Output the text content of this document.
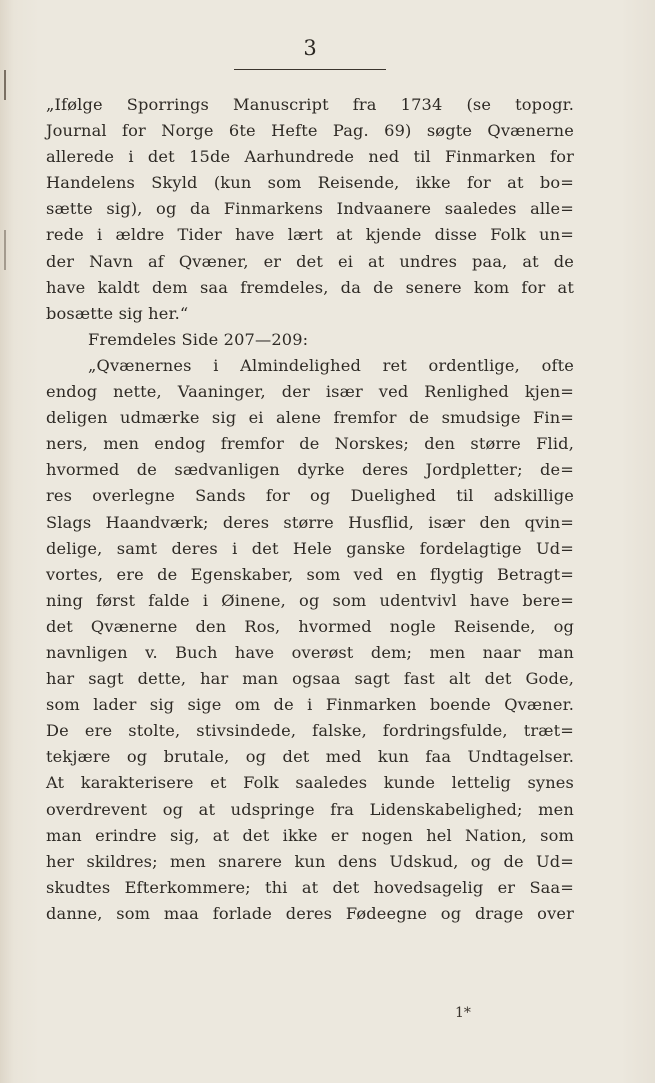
3
„Ifølge Sporrings Manuscript fra 1734 (se topogr.
Journal for Norge 6te Hefte Pag. 69) søgte Qvænerne
allerede i det 15de Aarhundrede ned til Finmarken for
Handelens Skyld (kun som Reisende, ikke for at bo=
sætte sig), og da Finmarkens Indvaanere saaledes alle=
rede i ældre Tider have lært at kjende disse Folk un=
der Navn af Qvæner, er det ei at undres paa, at de
have kaldt dem saa fremdeles, da de senere kom for at
bosætte sig her.“
Fremdeles Side 207—209:
„Qvænernes i Almindelighed ret ordentlige, ofte
endog nette, Vaaninger, der især ved Renlighed kjen=
deligen udmærke sig ei alene fremfor de smudsige Fin=
ners, men endog fremfor de Norskes; den større Flid,
hvormed de sædvanligen dyrke deres Jordpletter; de=
res overlegne Sands for og Duelighed til adskillige
Slags Haandværk; deres større Husflid, især den qvin=
delige, samt deres i det Hele ganske fordelagtige Ud=
vortes, ere de Egenskaber, som ved en flygtig Betragt=
ning først falde i Øinene, og som udentvivl have bere=
det Qvænerne den Ros, hvormed nogle Reisende, og
navnligen v. Buch have overøst dem; men naar man
har sagt dette, har man ogsaa sagt fast alt det Gode,
som lader sig sige om de i Finmarken boende Qvæner.
De ere stolte, stivsindede, falske, fordringsfulde, træt=
tekjære og brutale, og det med kun faa Undtagelser.
At karakterisere et Folk saaledes kunde lettelig synes
overdrevent og at udspringe fra Lidenskabelighed; men
man erindre sig, at det ikke er nogen hel Nation, som
her skildres; men snarere kun dens Udskud, og de Ud=
skudtes Efterkommere; thi at det hovedsagelig er Saa=
danne, som maa forlade deres Fødeegne og drage over
1*
